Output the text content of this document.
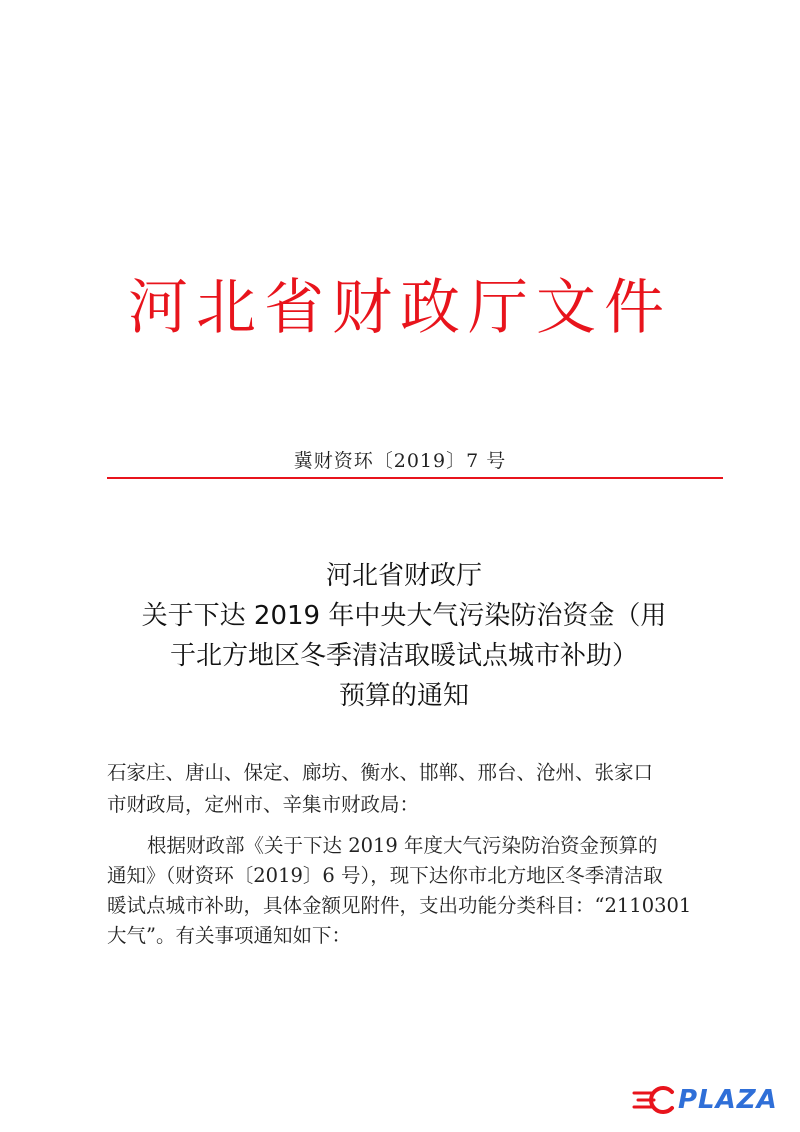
河北省财政厅文件
冀财资环〔2019〕7 号
河北省财政厅
关于下达 2019 年中央大气污染防治资金（用
于北方地区冬季清洁取暖试点城市补助）
预算的通知
石家庄、唐山、保定、廊坊、衡水、邯郸、邢台、沧州、张家口
市财政局，定州市、辛集市财政局：
根据财政部《关于下达 2019 年度大气污染防治资金预算的
通知》（财资环〔2019〕6 号），现下达你市北方地区冬季清洁取
暖试点城市补助，具体金额见附件，支出功能分类科目：“2110301
大气”。有关事项通知如下：
PLAZA
